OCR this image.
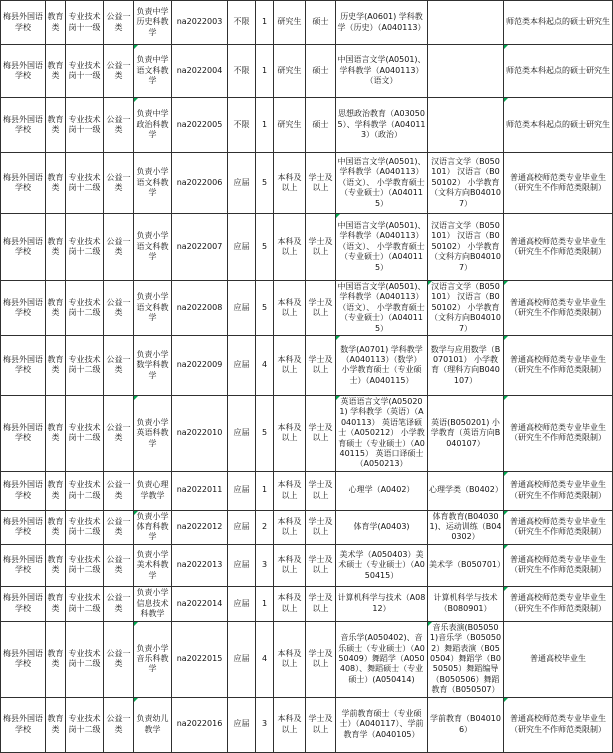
梅县外国语学校	教育类	专业技术岗十一级	公益一类	负责中学历史科教学	na2022003	不限	1	研究生	硕士	历史学(A0601) 学科教学（历史）（A040113）		师范类本科起点的硕士研究生
梅县外国语学校	教育类	专业技术岗十一级	公益一类	负责中学语文科教学	na2022004	不限	1	研究生	硕士	中国语言文学(A0501)、学科教学（A040113）（语文）		师范类本科起点的硕士研究生

梅县外国语学校	教育类	专业技术岗十一级	公益一类	负责中学政治科教学	na2022005	不限	1	研究生	硕士	思想政治教育（A030505）、学科教学（A040113）（政治）		师范类本科起点的硕士研究生

梅县外国语学校	教育类	专业技术岗十二级	公益一类	负责小学语文科教学	na2022006	应届	5	本科及以上	学士及以上	中国语言文学(A0501)、学科教学（A040113）（语文）、 小学教育硕士（专业硕士）（A040115）	汉语言文学（B050101） 汉语言（B050102） 小学教育（文科方向B040107）	普通高校师范类专业毕业生（研究生不作师范类限制）
梅县外国语学校	教育类	专业技术岗十二级	公益一类	负责小学语文科教学	na2022007	应届	5	本科及以上	学士及以上	中国语言文学(A0501)、学科教学（A040113）（语文）、 小学教育硕士（专业硕士）（A040115）	汉语言文学（B050101） 汉语言（B050102） 小学教育（文科方向B040107）	普通高校师范类专业毕业生（研究生不作师范类限制）
梅县外国语学校	教育类	专业技术岗十二级	公益一类	负责小学语文科教学	na2022008	应届	5	本科及以上	学士及以上	中国语言文学(A0501)、学科教学（A040113）（语文）、 小学教育硕士（专业硕士）（A040115）	汉语言文学（B050101） 汉语言（B050102） 小学教育（文科方向B040107）	普通高校师范类专业毕业生（研究生不作师范类限制）

梅县外国语学校	教育类	专业技术岗十二级	公益一类	负责小学数学科教学	na2022009	应届	4	本科及以上	学士及以上	数学(A0701) 学科教学（A040113）（数学） 小学教育硕士（专业硕士）（A040115）	数学与应用数学（B070101） 小学教育（理科方向B040107）	普通高校师范类专业毕业生（研究生不作师范类限制）

梅县外国语学校	教育类	专业技术岗十二级	公益一类	负责小学英语科教学	na2022010	应届	5	本科及以上	学士及以上	英语语言文学(A050201) 学科教学（英语）（A040113） 英语笔译硕士（A050212） 小学教育硕士（专业硕士）（A040115） 英语口译硕士（A050213）	英语(B050201) 小学教育（英语方向B040107）	普通高校师范类专业毕业生（研究生不作师范类限制）

梅县外国语学校	教育类	专业技术岗十二级	公益一类	负责心理学教学	na2022011	应届	1	本科及以上	学士及以上	心理学（A0402）	心理学类（B0402）	普通高校师范类专业毕业生（研究生不作师范类限制）

梅县外国语学校	教育类	专业技术岗十二级	公益一类	负责小学体育科教学	na2022012	应届	2	本科及以上	学士及以上	体育学(A0403)	体育教育(B040301)、运动训练（B040302）	普通高校师范类专业毕业生（研究生不作师范类限制）

梅县外国语学校	教育类	专业技术岗十二级	公益一类	负责小学美术科教学	na2022013	应届	3	本科及以上	学士及以上	美术学（A050403）美术硕士（专业硕士）（A050415）	美术学（B050701）	普通高校师范类专业毕业生（研究生不作师范类限制）

梅县外国语学校	教育类	专业技术岗十二级	公益一类	负责小学信息技术科教学	na2022014	应届	1	本科及以上	学士及以上	计算机科学与技术（A0812）	计算机科学与技术（B080901）	普通高校师范类专业毕业生（研究生不作师范类限制）

梅县外国语学校	教育类	专业技术岗十二级	公益一类	负责小学音乐科教学	na2022015	应届	4	本科及以上	学士及以上	音乐学(A050402)、音乐硕士（专业硕士）（A050409）舞蹈学（A050408）、舞蹈硕士（专业硕士）(A050414)	音乐表演(B050501)音乐学（B050502）舞蹈表演（B050504）舞蹈学（B050505）舞蹈编导（B050506）舞蹈教育（B050507）	普通高校毕业生
梅县外国语学校	教育类	专业技术岗十二级	公益一类	负责幼儿教学	na2022016	应届	3	本科及以上	学士及以上	学前教育硕士（专业硕士）（A040117）、学前教育学（A040105）	学前教育（B040106）	普通高校师范类专业毕业生（研究生不作师范类限制）
